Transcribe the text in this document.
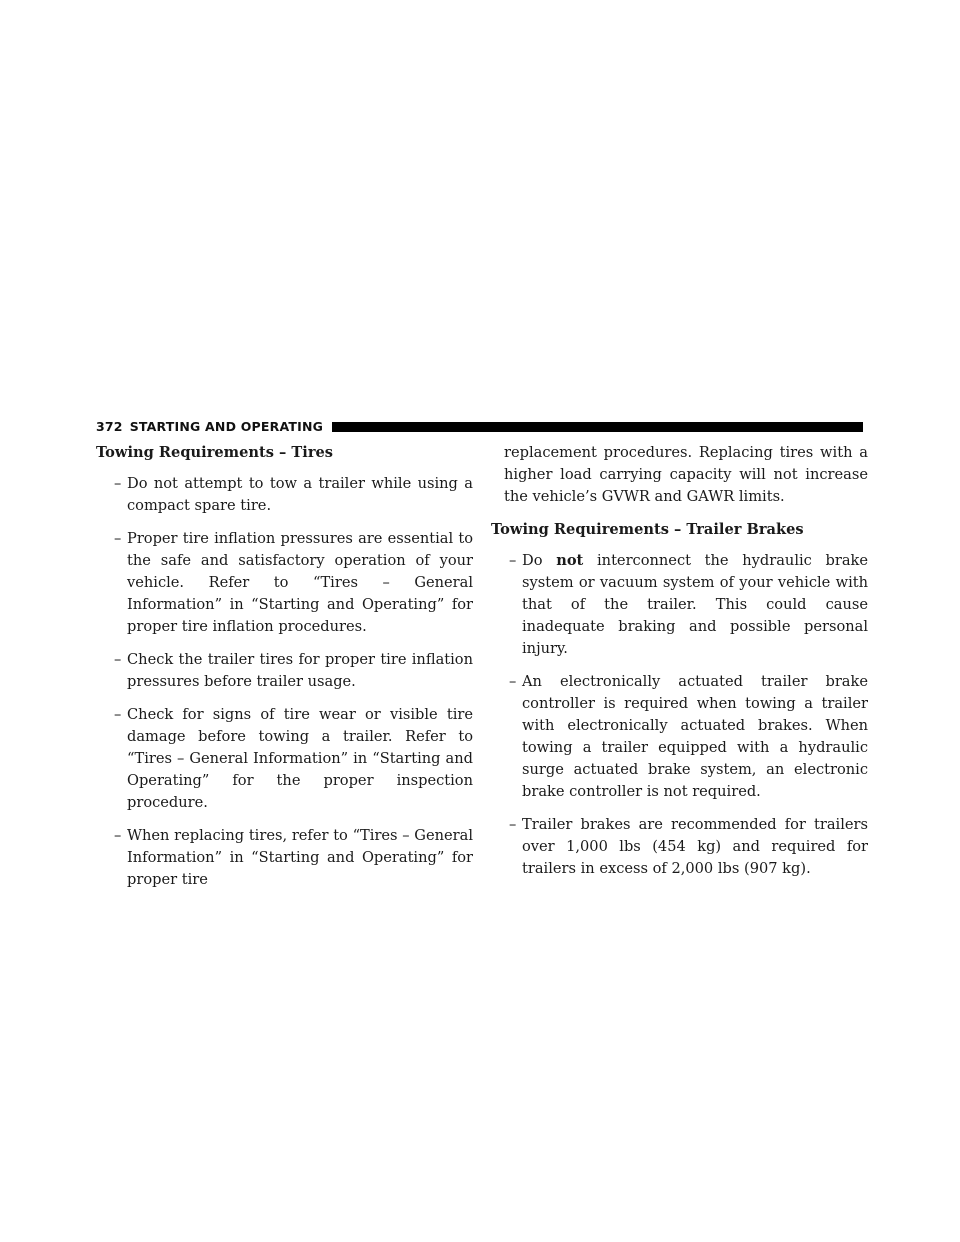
372 STARTING AND OPERATING
Towing Requirements – Tires
–Do not attempt to tow a trailer while using a compact spare tire.
–Proper tire inflation pressures are essential to the safe and satisfactory operation of your vehicle. Refer to “Tires – General Information” in “Starting and Operating” for proper tire inflation procedures.
–Check the trailer tires for proper tire inflation pressures before trailer usage.
–Check for signs of tire wear or visible tire damage before towing a trailer. Refer to “Tires – General Information” in “Starting and Operating” for the proper inspection procedure.
–When replacing tires, refer to “Tires – General Information” in “Starting and Operating” for proper tire
replacement procedures. Replacing tires with a higher load carrying capacity will not increase the vehicle’s GVWR and GAWR limits.
Towing Requirements – Trailer Brakes
–Do not interconnect the hydraulic brake system or vacuum system of your vehicle with that of the trailer. This could cause inadequate braking and possible personal injury.
–An electronically actuated trailer brake controller is required when towing a trailer with electronically actuated brakes. When towing a trailer equipped with a hydraulic surge actuated brake system, an electronic brake controller is not required.
–Trailer brakes are recommended for trailers over 1,000 lbs (454 kg) and required for trailers in excess of 2,000 lbs (907 kg).
